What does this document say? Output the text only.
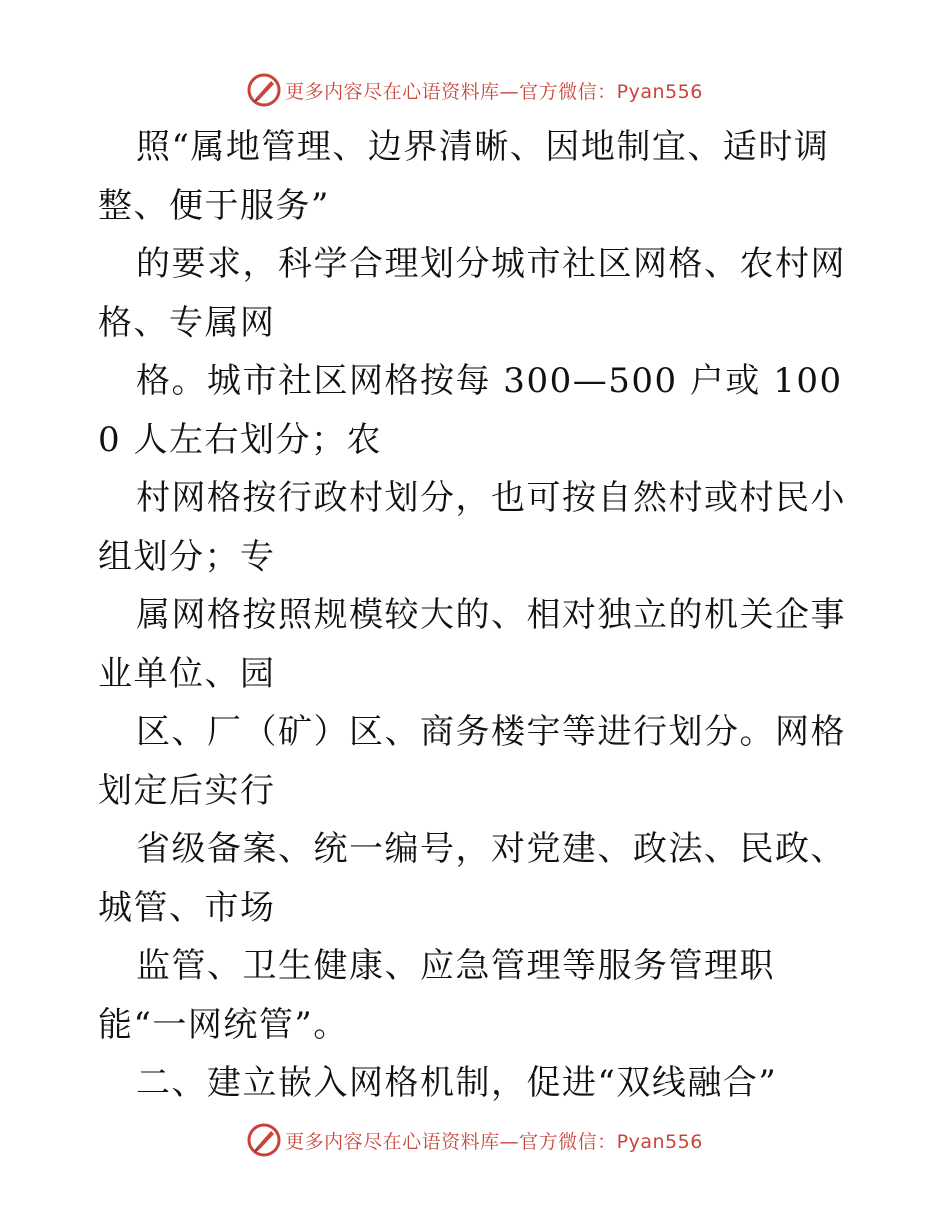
更多内容尽在心语资料库—官方微信：Pyan556

照“属地管理、边界清晰、因地制宜、适时调整、便于服务”

的要求，科学合理划分城市社区网格、农村网格、专属网

格。城市社区网格按每 300—500 户或 1000 人左右划分；农

村网格按行政村划分，也可按自然村或村民小组划分；专

属网格按照规模较大的、相对独立的机关企事业单位、园

区、厂（矿）区、商务楼宇等进行划分。网格划定后实行

省级备案、统一编号，对党建、政法、民政、城管、市场

监管、卫生健康、应急管理等服务管理职能“一网统管”。

二、建立嵌入网格机制，促进“双线融合”

更多内容尽在心语资料库—官方微信：Pyan556
